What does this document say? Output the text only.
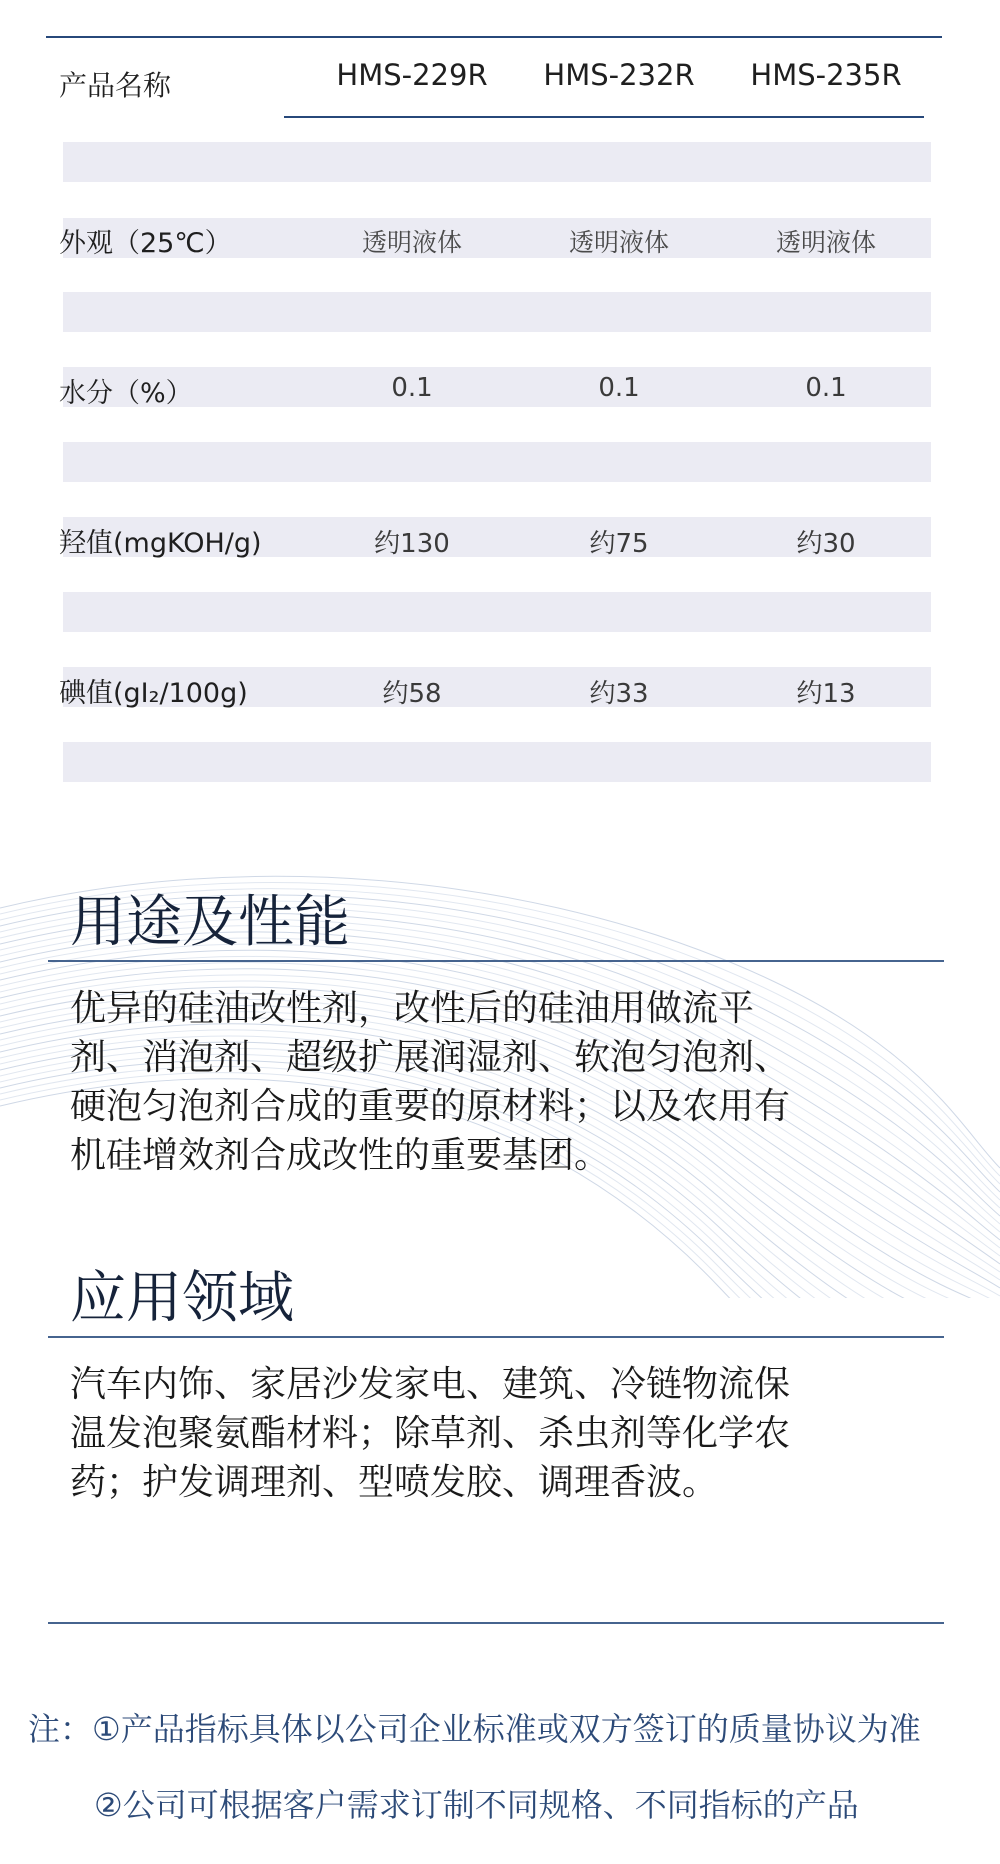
产品名称	HMS-229R	HMS-232R	HMS-235R
外观（25℃）	透明液体	透明液体	透明液体
水分（%）	0.1	0.1	0.1
羟值(mgKOH/g)	约130	约75	约30
碘值(gI₂/100g)	约58	约33	约13
用途及性能
优异的硅油改性剂，改性后的硅油用做流平
剂、消泡剂、超级扩展润湿剂、软泡匀泡剂、
硬泡匀泡剂合成的重要的原材料；以及农用有
机硅增效剂合成改性的重要基团。
应用领域
汽车内饰、家居沙发家电、建筑、冷链物流保
温发泡聚氨酯材料；除草剂、杀虫剂等化学农
药；护发调理剂、型喷发胶、调理香波。
注：①产品指标具体以公司企业标准或双方签订的质量协议为准
②公司可根据客户需求订制不同规格、不同指标的产品
